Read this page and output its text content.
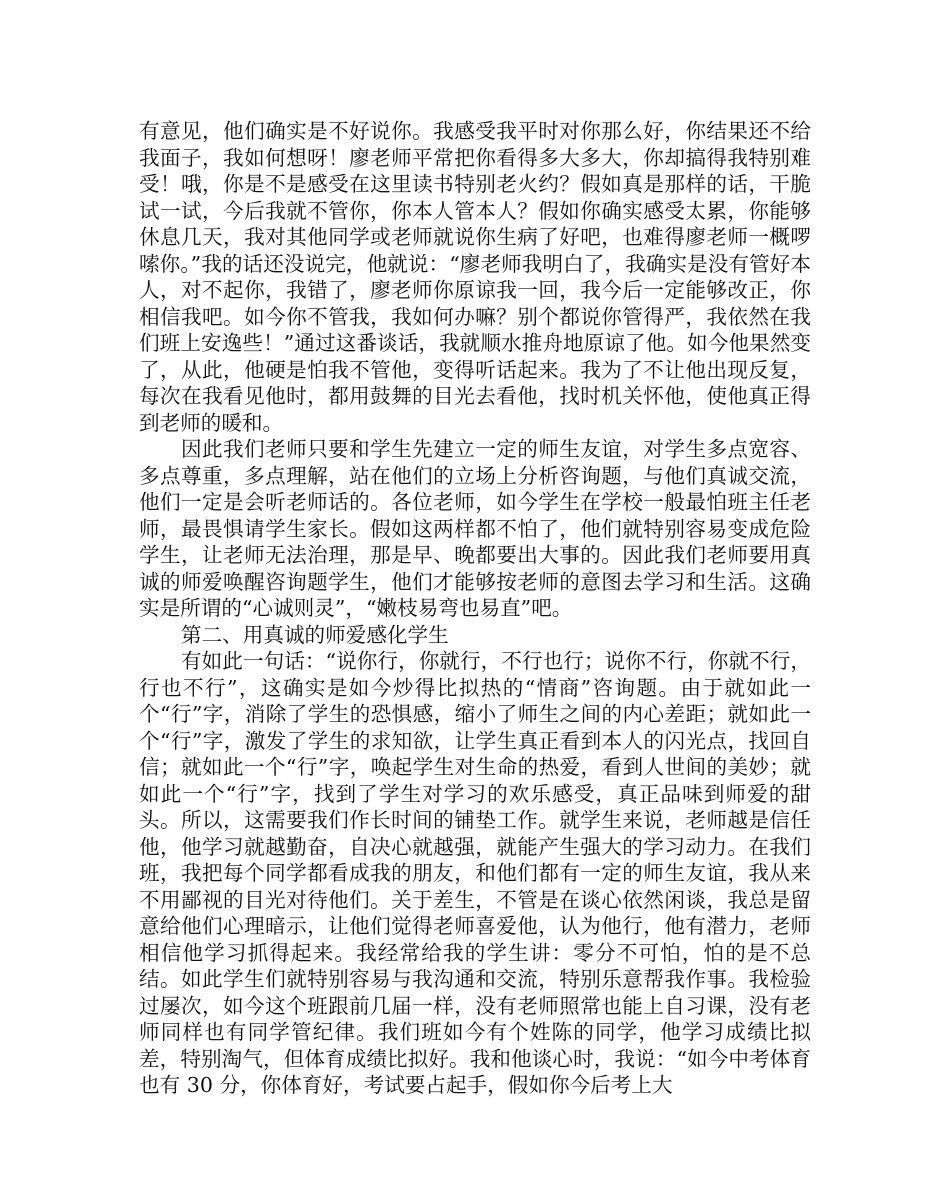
有意见，他们确实是不好说你。我感受我平时对你那么好，你结果还不给我面子，我如何想呀！廖老师平常把你看得多大多大，你却搞得我特别难受！哦，你是不是感受在这里读书特别老火约？假如真是那样的话，干脆试一试，今后我就不管你，你本人管本人？假如你确实感受太累，你能够休息几天，我对其他同学或老师就说你生病了好吧，也难得廖老师一概啰嗦你。”我的话还没说完，他就说：“廖老师我明白了，我确实是没有管好本人，对不起你，我错了，廖老师你原谅我一回，我今后一定能够改正，你相信我吧。如今你不管我，我如何办嘛？别个都说你管得严，我依然在我们班上安逸些！”通过这番谈话，我就顺水推舟地原谅了他。如今他果然变了，从此，他硬是怕我不管他，变得听话起来。我为了不让他出现反复，每次在我看见他时，都用鼓舞的目光去看他，找时机关怀他，使他真正得到老师的暖和。

因此我们老师只要和学生先建立一定的师生友谊，对学生多点宽容、多点尊重，多点理解，站在他们的立场上分析咨询题，与他们真诚交流，他们一定是会听老师话的。各位老师，如今学生在学校一般最怕班主任老师，最畏惧请学生家长。假如这两样都不怕了，他们就特别容易变成危险学生，让老师无法治理，那是早、晚都要出大事的。因此我们老师要用真诚的师爱唤醒咨询题学生，他们才能够按老师的意图去学习和生活。这确实是所谓的“心诚则灵”，“嫩枝易弯也易直”吧。

第二、用真诚的师爱感化学生

有如此一句话：“说你行，你就行，不行也行；说你不行，你就不行，行也不行”，这确实是如今炒得比拟热的“情商”咨询题。由于就如此一个“行”字，消除了学生的恐惧感，缩小了师生之间的内心差距；就如此一个“行”字，激发了学生的求知欲，让学生真正看到本人的闪光点，找回自信；就如此一个“行”字，唤起学生对生命的热爱，看到人世间的美妙；就如此一个“行”字，找到了学生对学习的欢乐感受，真正品味到师爱的甜头。所以，这需要我们作长时间的铺垫工作。就学生来说，老师越是信任他，他学习就越勤奋，自决心就越强，就能产生强大的学习动力。在我们班，我把每个同学都看成我的朋友，和他们都有一定的师生友谊，我从来不用鄙视的目光对待他们。关于差生，不管是在谈心依然闲谈，我总是留意给他们心理暗示，让他们觉得老师喜爱他，认为他行，他有潜力，老师相信他学习抓得起来。我经常给我的学生讲：零分不可怕，怕的是不总结。如此学生们就特别容易与我沟通和交流，特别乐意帮我作事。我检验过屡次，如今这个班跟前几届一样，没有老师照常也能上自习课，没有老师同样也有同学管纪律。我们班如今有个姓陈的同学，他学习成绩比拟差，特别淘气，但体育成绩比拟好。我和他谈心时，我说：“如今中考体育也有 30 分，你体育好，考试要占起手，假如你今后考上大
